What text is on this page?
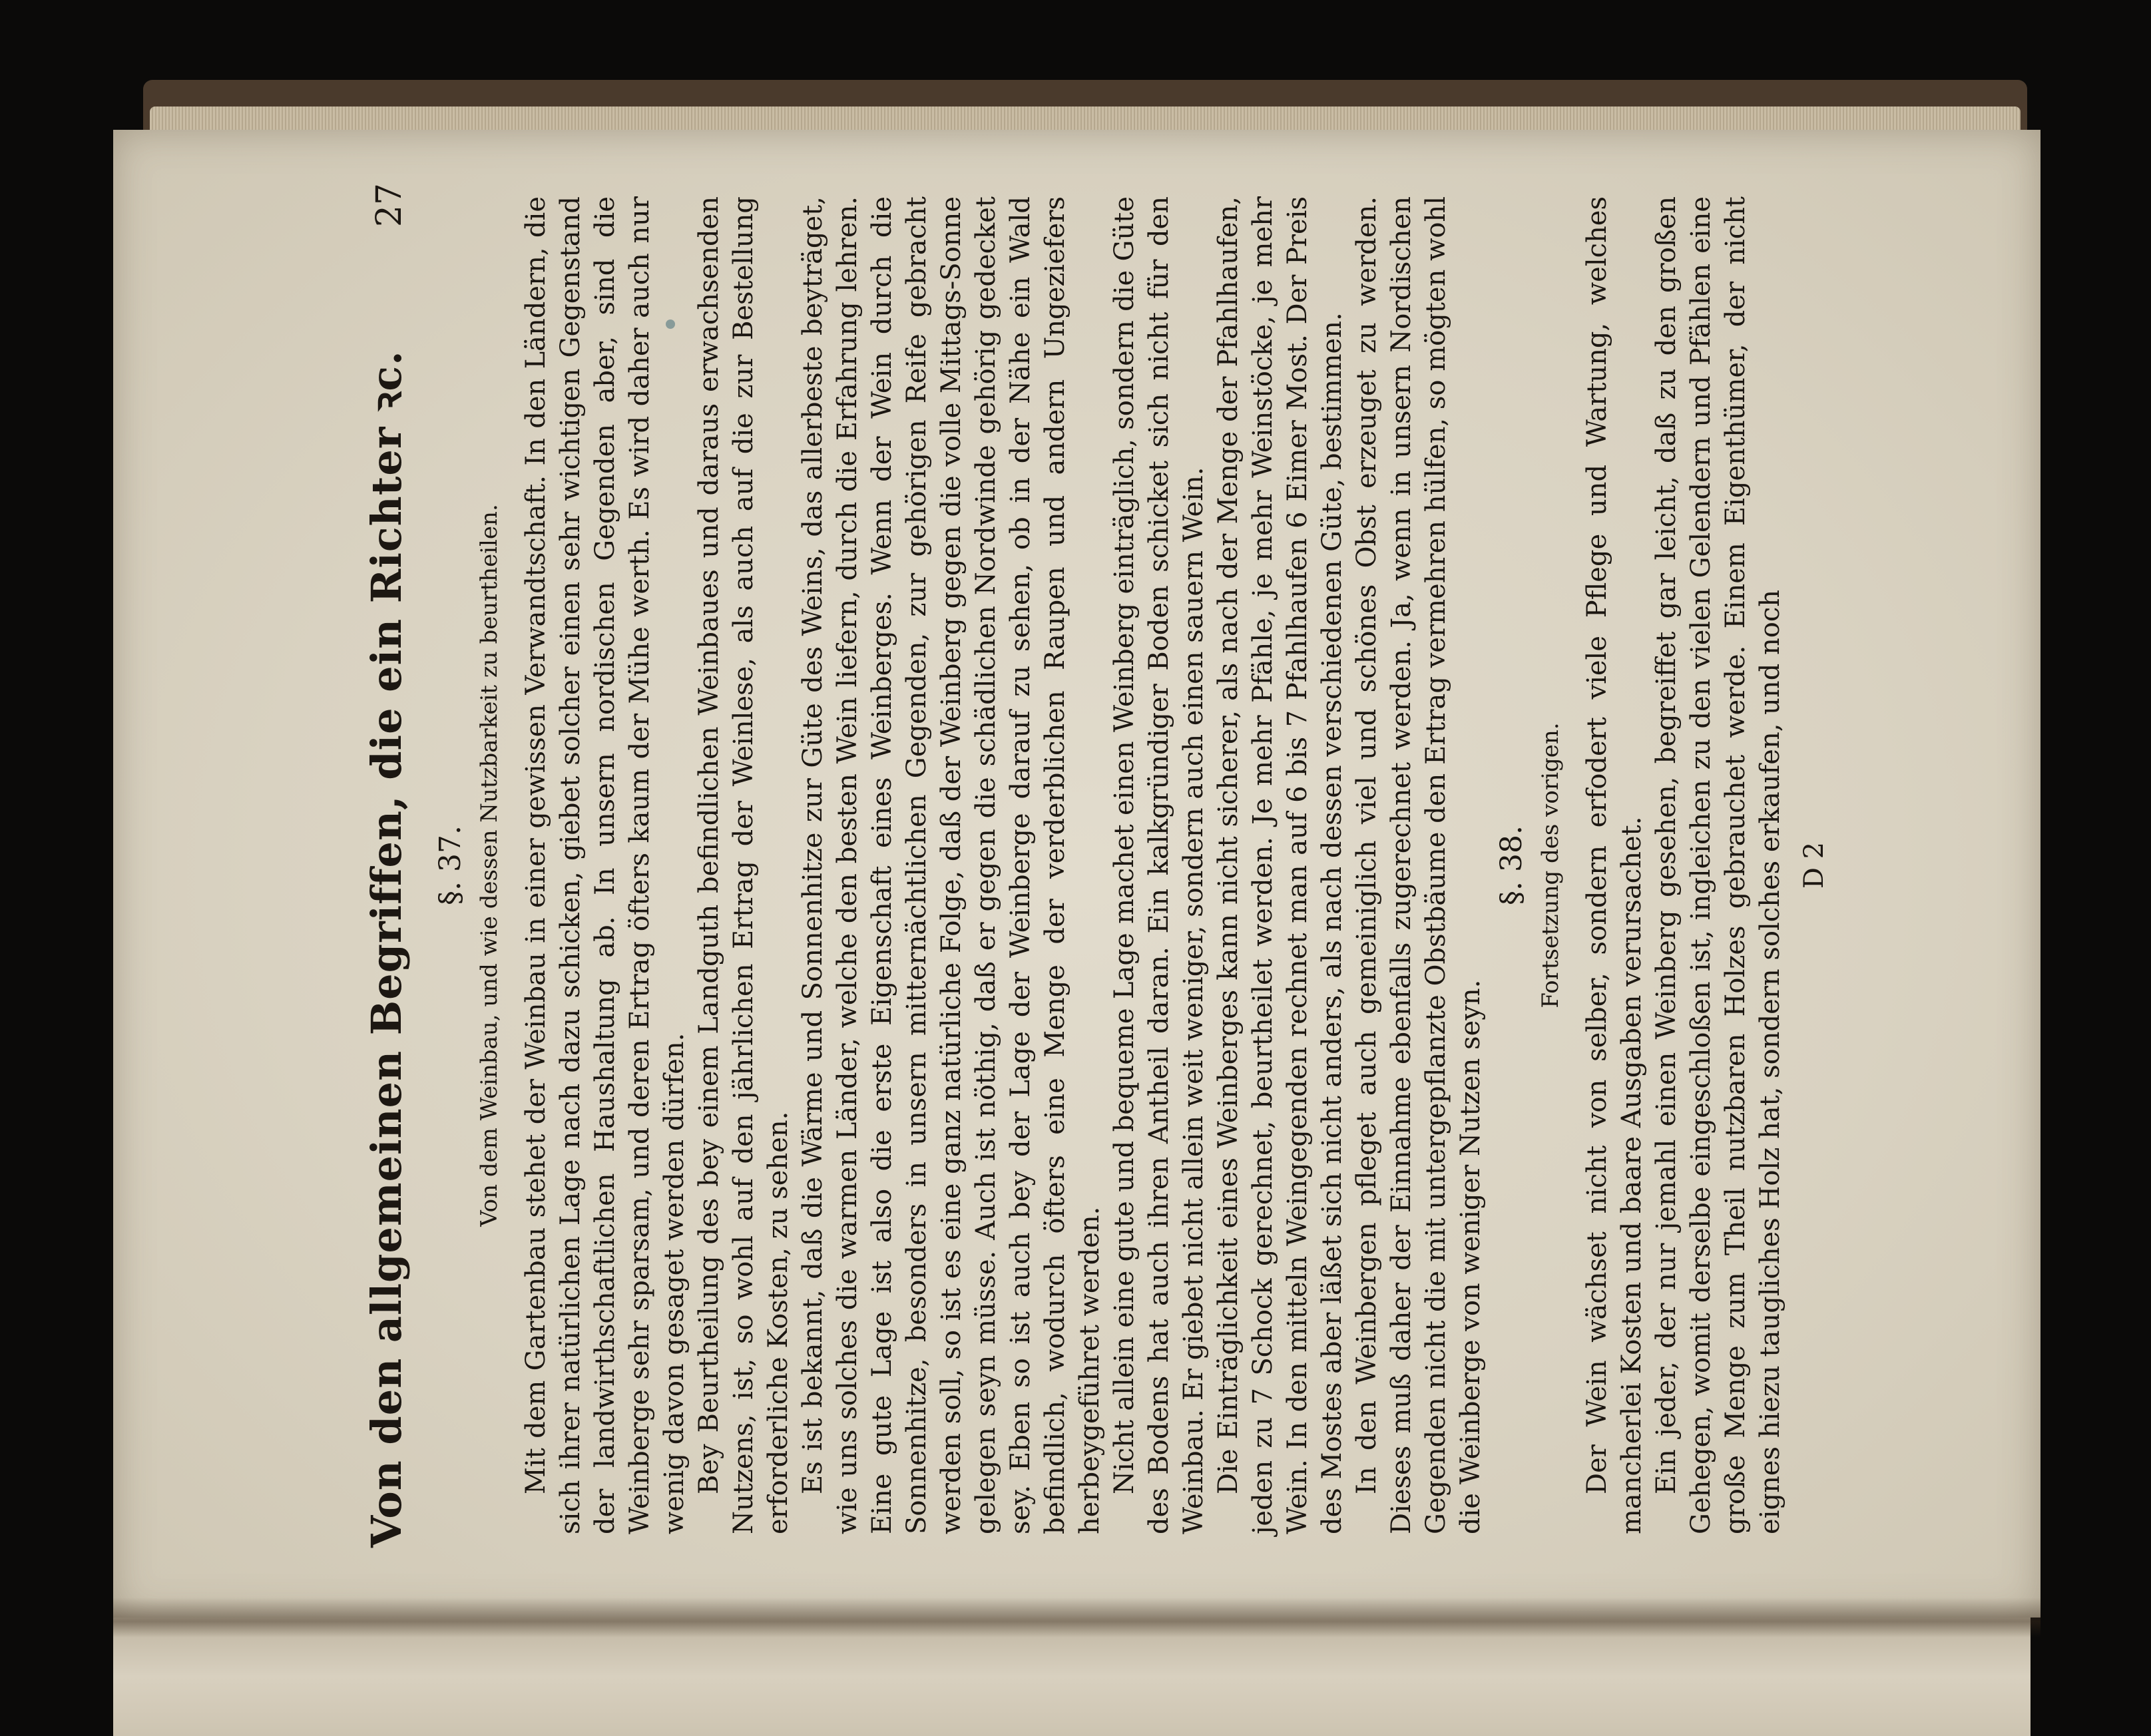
Von den allgemeinen Begriffen, die ein Richter ꝛc.
27
§. 37. Von dem Weinbau, und wie dessen Nutzbarkeit zu beurtheilen. Mit dem Gartenbau stehet der Weinbau in einer gewissen Verwandtschaft. In den Ländern, die sich ihrer natürlichen Lage nach dazu schicken, giebet solcher einen sehr wichtigen Gegenstand der landwirthschaftlichen Haushaltung ab. In unsern nordischen Gegenden aber, sind die Weinberge sehr sparsam, und deren Ertrag öfters kaum der Mühe werth. Es wird daher auch nur wenig davon gesaget werden dürfen. Bey Beurtheilung des bey einem Landguth befindlichen Weinbaues und daraus erwachsenden Nutzens, ist, so wohl auf den jährlichen Ertrag der Weinlese, als auch auf die zur Bestellung erforderliche Kosten, zu sehen. Es ist bekannt, daß die Wärme und Sonnenhitze zur Güte des Weins, das allerbeste beyträget, wie uns solches die warmen Länder, welche den besten Wein liefern, durch die Erfahrung lehren. Eine gute Lage ist also die erste Eigenschaft eines Weinberges. Wenn der Wein durch die Sonnenhitze, besonders in unsern mitternächtlichen Gegenden, zur gehörigen Reife gebracht werden soll, so ist es eine ganz natürliche Folge, daß der Weinberg gegen die volle Mittags-Sonne gelegen seyn müsse. Auch ist nöthig, daß er gegen die schädlichen Nordwinde gehörig gedecket sey. Eben so ist auch bey der Lage der Weinberge darauf zu sehen, ob in der Nähe ein Wald befindlich, wodurch öfters eine Menge der verderblichen Raupen und andern Ungeziefers herbeygeführet werden. Nicht allein eine gute und bequeme Lage machet einen Weinberg einträglich, sondern die Güte des Bodens hat auch ihren Antheil daran. Ein kalkgründiger Boden schicket sich nicht für den Weinbau. Er giebet nicht allein weit weniger, sondern auch einen sauern Wein. Die Einträglichkeit eines Weinberges kann nicht sicherer, als nach der Menge der Pfahlhaufen, jeden zu 7 Schock gerechnet, beurtheilet werden. Je mehr Pfähle, je mehr Weinstöcke, je mehr Wein. In den mitteln Weingegenden rechnet man auf 6 bis 7 Pfahlhaufen 6 Eimer Most. Der Preis des Mostes aber läßet sich nicht anders, als nach dessen verschiedenen Güte, bestimmen. In den Weinbergen pfleget auch gemeiniglich viel und schönes Obst erzeuget zu werden. Dieses muß daher der Einnahme ebenfalls zugerechnet werden. Ja, wenn in unsern Nordischen Gegenden nicht die mit untergepflanzte Obstbäume den Ertrag vermehren hülfen, so mögten wohl die Weinberge von weniger Nutzen seyn.

§. 38. Fortsetzung des vorigen. Der Wein wächset nicht von selber, sondern erfodert viele Pflege und Wartung, welches mancherlei Kosten und baare Ausgaben verursachet. Ein jeder, der nur jemahl einen Weinberg gesehen, begreiffet gar leicht, daß zu den großen Gehegen, womit derselbe eingeschloßen ist, ingleichen zu den vielen Gelendern und Pfählen eine große Menge zum Theil nutzbaren Holzes gebrauchet werde. Einem Eigenthümer, der nicht eignes hiezu taugliches Holz hat, sondern solches erkaufen, und noch D 2
